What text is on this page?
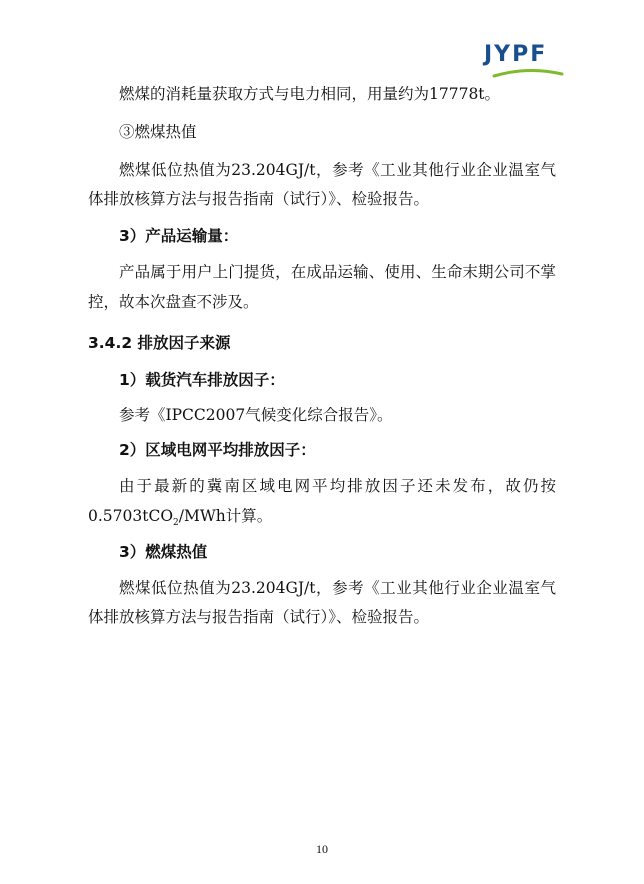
JYPF
燃煤的消耗量获取方式与电力相同，用量约为17778t。
③燃煤热值
燃煤低位热值为23.204GJ/t，参考《工业其他行业企业温室气
体排放核算方法与报告指南（试行）》、检验报告。
3）产品运输量：
产品属于用户上门提货，在成品运输、使用、生命末期公司不掌
控，故本次盘查不涉及。
3.4.2 排放因子来源
1）载货汽车排放因子：
参考《IPCC2007气候变化综合报告》。
2）区域电网平均排放因子：
由于最新的冀南区域电网平均排放因子还未发布，故仍按
0.5703tCO$_2$/MWh计算。
3）燃煤热值
燃煤低位热值为23.204GJ/t，参考《工业其他行业企业温室气
体排放核算方法与报告指南（试行）》、检验报告。
10
